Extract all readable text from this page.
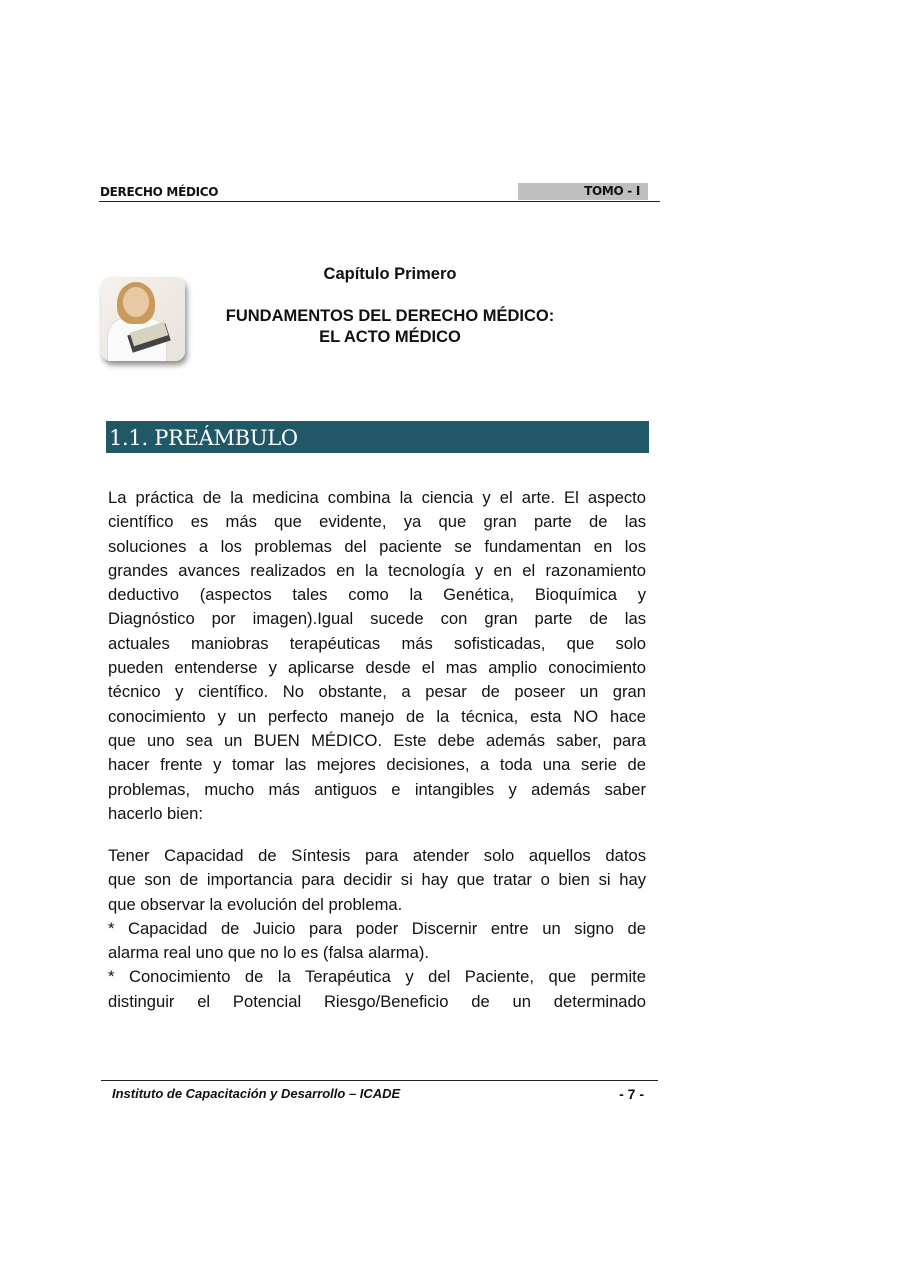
DERECHO MÉDICO	TOMO - I
Capítulo Primero
FUNDAMENTOS DEL DERECHO MÉDICO:
EL ACTO MÉDICO
1.1. PREÁMBULO
La práctica de la medicina combina la ciencia y el arte. El aspecto
científico es más que evidente, ya que gran parte de las
soluciones a los problemas del paciente se fundamentan en los
grandes avances realizados en la tecnología y en el razonamiento
deductivo (aspectos tales como la Genética, Bioquímica y
Diagnóstico por imagen).Igual sucede con gran parte de las
actuales maniobras terapéuticas más sofisticadas, que solo
pueden entenderse y aplicarse desde el mas amplio conocimiento
técnico y científico. No obstante, a pesar de poseer un gran
conocimiento y un perfecto manejo de la técnica, esta NO hace
que uno sea un BUEN MÉDICO. Este debe además saber, para
hacer frente y tomar las mejores decisiones, a toda una serie de
problemas, mucho más antiguos e intangibles y además saber
hacerlo bien:
Tener Capacidad de Síntesis para atender solo aquellos datos
que son de importancia para decidir si hay que tratar o bien si hay
que observar la evolución del problema.
* Capacidad de Juicio para poder Discernir entre un signo de
alarma real uno que no lo es (falsa alarma).
* Conocimiento de la Terapéutica y del Paciente, que permite
distinguir el Potencial Riesgo/Beneficio de un determinado
Instituto de Capacitación y Desarrollo – ICADE	- 7 -
